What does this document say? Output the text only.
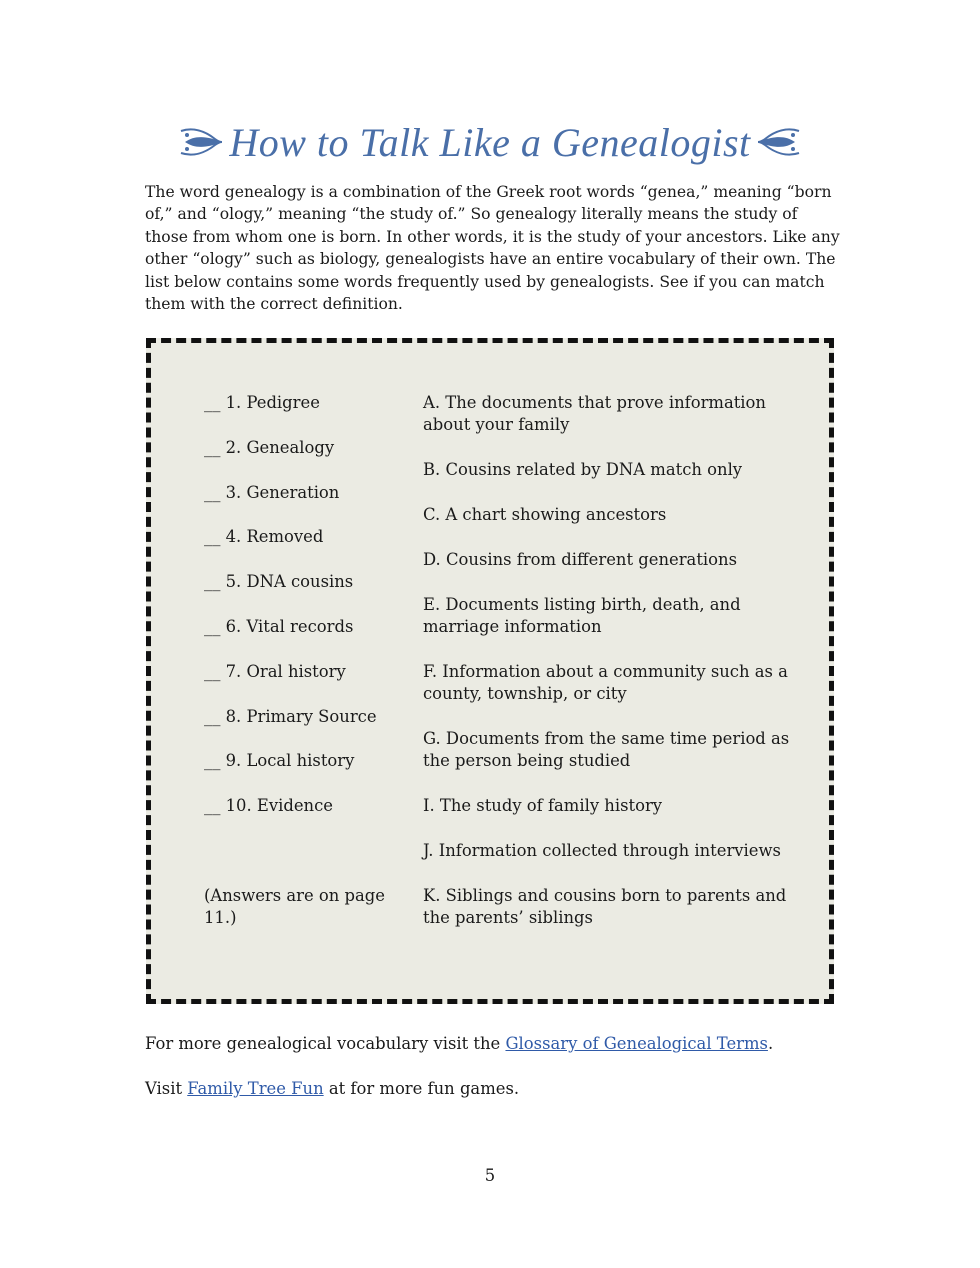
How to Talk Like a Genealogist

The word genealogy is a combination of the Greek root words “genea,” meaning “born of,” and “ology,” meaning “the study of.” So genealogy literally means the study of those from whom one is born. In other words, it is the study of your ancestors. Like any other “ology” such as biology, genealogists have an entire vocabulary of their own. The list below contains some words frequently used by genealogists. See if you can match them with the correct definition.

__ 1. Pedigree
__ 2. Genealogy
__ 3. Generation
__ 4. Removed
__ 5. DNA cousins
__ 6. Vital records
__ 7. Oral history
__ 8. Primary Source
__ 9. Local history
__ 10. Evidence

(Answers are on page 11.)

A. The documents that prove information about your family
B. Cousins related by DNA match only
C. A chart showing ancestors
D. Cousins from different generations
E. Documents listing birth, death, and marriage information
F. Information about a community such as a county, township, or city
G. Documents from the same time period as the person being studied
I. The study of family history
J. Information collected through interviews
K. Siblings and cousins born to parents and the parents’ siblings

For more genealogical vocabulary visit the Glossary of Genealogical Terms.

Visit Family Tree Fun at for more fun games.

5
